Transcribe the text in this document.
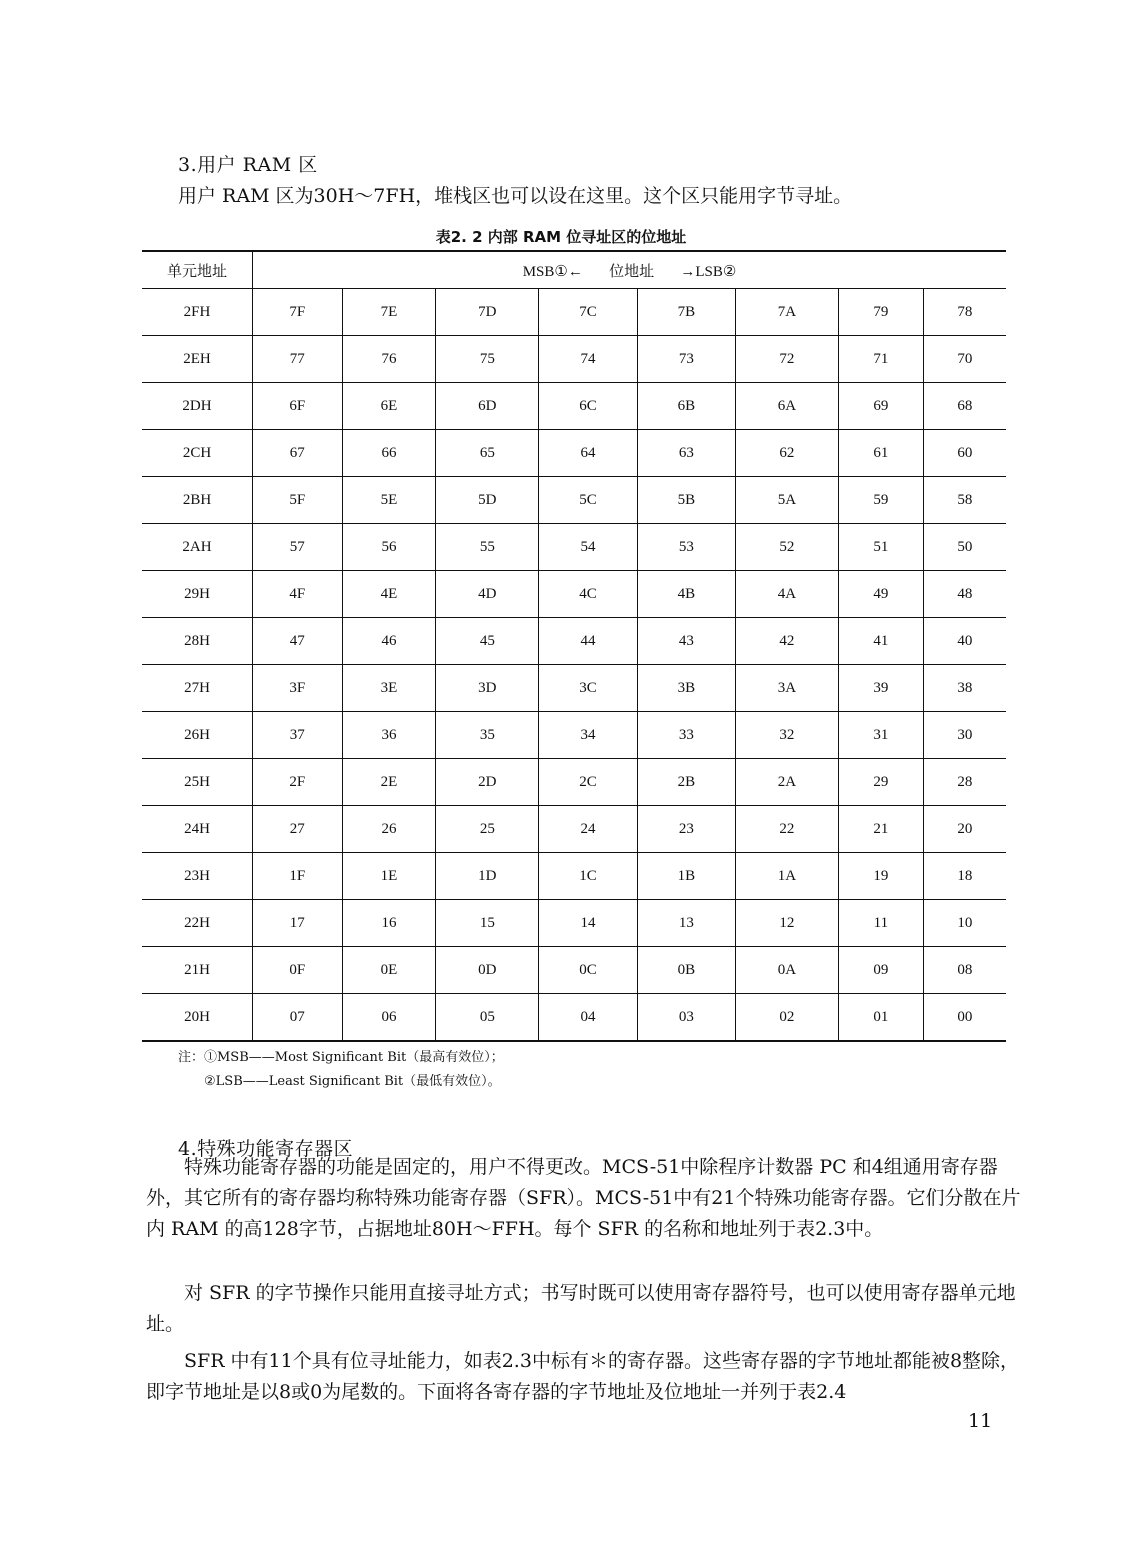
3.用户 RAM 区
用户 RAM 区为30H～7FH，堆栈区也可以设在这里。这个区只能用字节寻址。
表2. 2 内部 RAM 位寻址区的位地址
单元地址	MSB①←       位地址       →LSB②							
2FH	7F	7E	7D	7C	7B	7A	79	78
2EH	77	76	75	74	73	72	71	70
2DH	6F	6E	6D	6C	6B	6A	69	68
2CH	67	66	65	64	63	62	61	60
2BH	5F	5E	5D	5C	5B	5A	59	58
2AH	57	56	55	54	53	52	51	50
29H	4F	4E	4D	4C	4B	4A	49	48
28H	47	46	45	44	43	42	41	40
27H	3F	3E	3D	3C	3B	3A	39	38
26H	37	36	35	34	33	32	31	30
25H	2F	2E	2D	2C	2B	2A	29	28
24H	27	26	25	24	23	22	21	20
23H	1F	1E	1D	1C	1B	1A	19	18
22H	17	16	15	14	13	12	11	10
21H	0F	0E	0D	0C	0B	0A	09	08
20H	07	06	05	04	03	02	01	00
注：①MSB——Most Significant Bit（最高有效位）；
②LSB——Least Significant Bit（最低有效位）。
4.特殊功能寄存器区
特殊功能寄存器的功能是固定的，用户不得更改。MCS-51中除程序计数器 PC 和4组通用寄存器外，其它所有的寄存器均称特殊功能寄存器（SFR）。MCS-51中有21个特殊功能寄存器。它们分散在片内 RAM 的高128字节，占据地址80H～FFH。每个 SFR 的名称和地址列于表2.3中。
对 SFR 的字节操作只能用直接寻址方式；书写时既可以使用寄存器符号，也可以使用寄存器单元地址。
SFR 中有11个具有位寻址能力，如表2.3中标有＊的寄存器。这些寄存器的字节地址都能被8整除，即字节地址是以8或0为尾数的。下面将各寄存器的字节地址及位地址一并列于表2.4
11
